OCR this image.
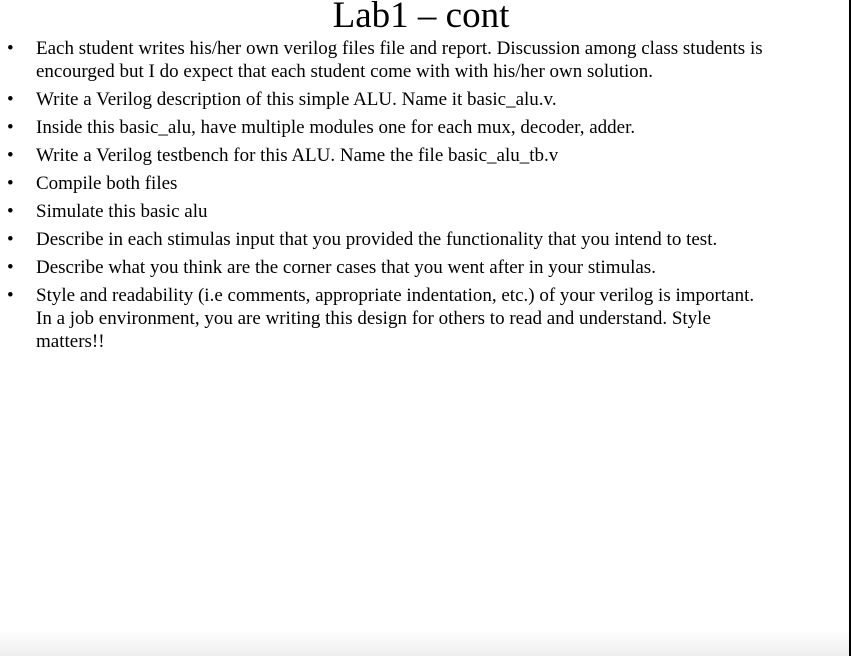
Lab1 – cont
• Each student writes his/her own verilog files file and report. Discussion among class students is
encourged but I do expect that each student come with with his/her own solution.
• Write a Verilog description of this simple ALU. Name it basic_alu.v.
• Inside this basic_alu, have multiple modules one for each mux, decoder, adder.
• Write a Verilog testbench for this ALU. Name the file basic_alu_tb.v
• Compile both files
• Simulate this basic alu
• Describe in each stimulas input that you provided the functionality that you intend to test.
• Describe what you think are the corner cases that you went after in your stimulas.
• Style and readability (i.e comments, appropriate indentation, etc.) of your verilog is important.
In a job environment, you are writing this design for others to read and understand. Style
matters!!
